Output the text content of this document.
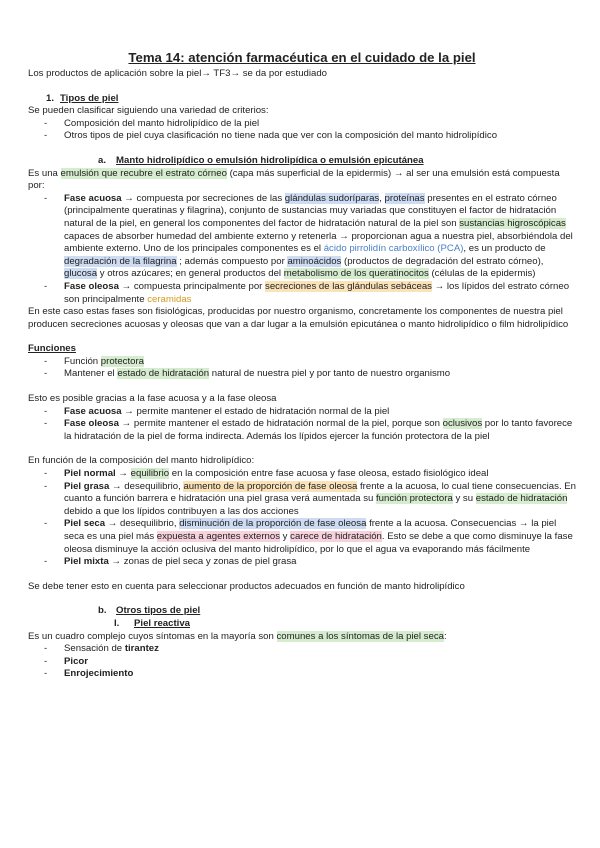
Tema 14: atención farmacéutica en el cuidado de la piel

Los productos de aplicación sobre la piel→ TF3→ se da por estudiado

1. Tipos de piel

Se pueden clasificar siguiendo una variedad de criterios:

- Composición del manto hidrolipídico de la piel
- Otros tipos de piel cuya clasificación no tiene nada que ver con la composición del manto hidrolipídico

a. Manto hidrolipídico o emulsión hidrolipídica o emulsión epicutánea

Es una emulsión que recubre el estrato córneo (capa más superficial de la epidermis) → al ser una emulsión está compuesta por:

- Fase acuosa → compuesta por secreciones de las glándulas sudoríparas, proteínas presentes en el estrato córneo (principalmente queratinas y filagrina), conjunto de sustancias muy variadas que constituyen el factor de hidratación natural de la piel, en general los componentes del factor de hidratación natural de la piel son sustancias higroscópicas capaces de absorber humedad del ambiente externo y retenerla → proporcionan agua a nuestra piel, absorbiéndola del ambiente externo. Uno de los principales componentes es el ácido pirrolidín carboxílico (PCA), es un producto de degradación de la filagrina ; además compuesto por aminoácidos (productos de degradación del estrato córneo), glucosa y otros azúcares; en general productos del metabolismo de los queratinocitos (células de la epidermis)
- Fase oleosa → compuesta principalmente por secreciones de las glándulas sebáceas → los lípidos del estrato córneo son principalmente ceramidas

En este caso estas fases son fisiológicas, producidas por nuestro organismo, concretamente los componentes de nuestra piel producen secreciones acuosas y oleosas que van a dar lugar a la emulsión epicutánea o manto hidrolipídico o film hidrolipídico

Funciones

- Función protectora
- Mantener el estado de hidratación natural de nuestra piel y por tanto de nuestro organismo

Esto es posible gracias a la fase acuosa y a la fase oleosa

- Fase acuosa → permite mantener el estado de hidratación normal de la piel
- Fase oleosa → permite mantener el estado de hidratación normal de la piel, porque son oclusivos por lo tanto favorece la hidratación de la piel de forma indirecta. Además los lípidos ejercer la función protectora de la piel

En función de la composición del manto hidrolipídico:

- Piel normal → equilibrio en la composición entre fase acuosa y fase oleosa, estado fisiológico ideal
- Piel grasa → desequilibrio, aumento de la proporción de fase oleosa frente a la acuosa, lo cual tiene consecuencias. En cuanto a función barrera e hidratación una piel grasa verá aumentada su función protectora y su estado de hidratación debido a que los lípidos contribuyen a las dos acciones
- Piel seca → desequilibrio, disminución de la proporción de fase oleosa frente a la acuosa. Consecuencias → la piel seca es una piel más expuesta a agentes externos y carece de hidratación. Esto se debe a que como disminuye la fase oleosa disminuye la acción oclusiva del manto hidrolipídico, por lo que el agua va evaporando más fácilmente
- Piel mixta → zonas de piel seca y zonas de piel grasa

Se debe tener esto en cuenta para seleccionar productos adecuados en función de manto hidrolipídico

b. Otros tipos de piel

I. Piel reactiva

Es un cuadro complejo cuyos síntomas en la mayoría son comunes a los síntomas de la piel seca:

- Sensación de tirantez
- Picor
- Enrojecimiento
